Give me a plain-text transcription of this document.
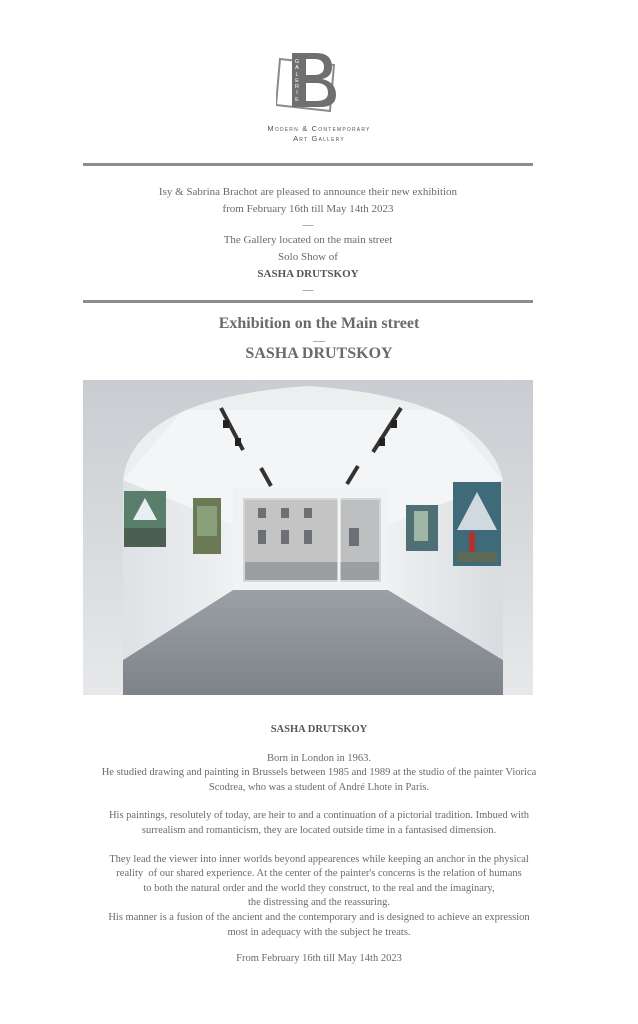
G
A
L
E
R
I
E
Modern & Contemporary
Art Gallery
Isy & Sabrina Brachot are pleased to announce their new exhibition
from February 16th till May 14th 2023
—
The Gallery located on the main street
Solo Show of
SASHA DRUTSKOY
—
Exhibition on the Main street
—
SASHA DRUTSKOY
SASHA DRUTSKOY

Born in London in 1963.
He studied drawing and painting in Brussels between 1985 and 1989 at the studio of the painter Viorica
Scodrea, who was a student of André Lhote in Paris.

His paintings, resolutely of today, are heir to and a continuation of a pictorial tradition. Imbued with
surrealism and romanticism, they are located outside time in a fantasised dimension.

They lead the viewer into inner worlds beyond appearences while keeping an anchor in the physical
reality  of our shared experience. At the center of the painter's concerns is the relation of humans
to both the natural order and the world they construct, to the real and the imaginary,
the distressing and the reassuring.
His manner is a fusion of the ancient and the contemporary and is designed to achieve an expression
most in adequacy with the subject he treats.

From February 16th till May 14th 2023
